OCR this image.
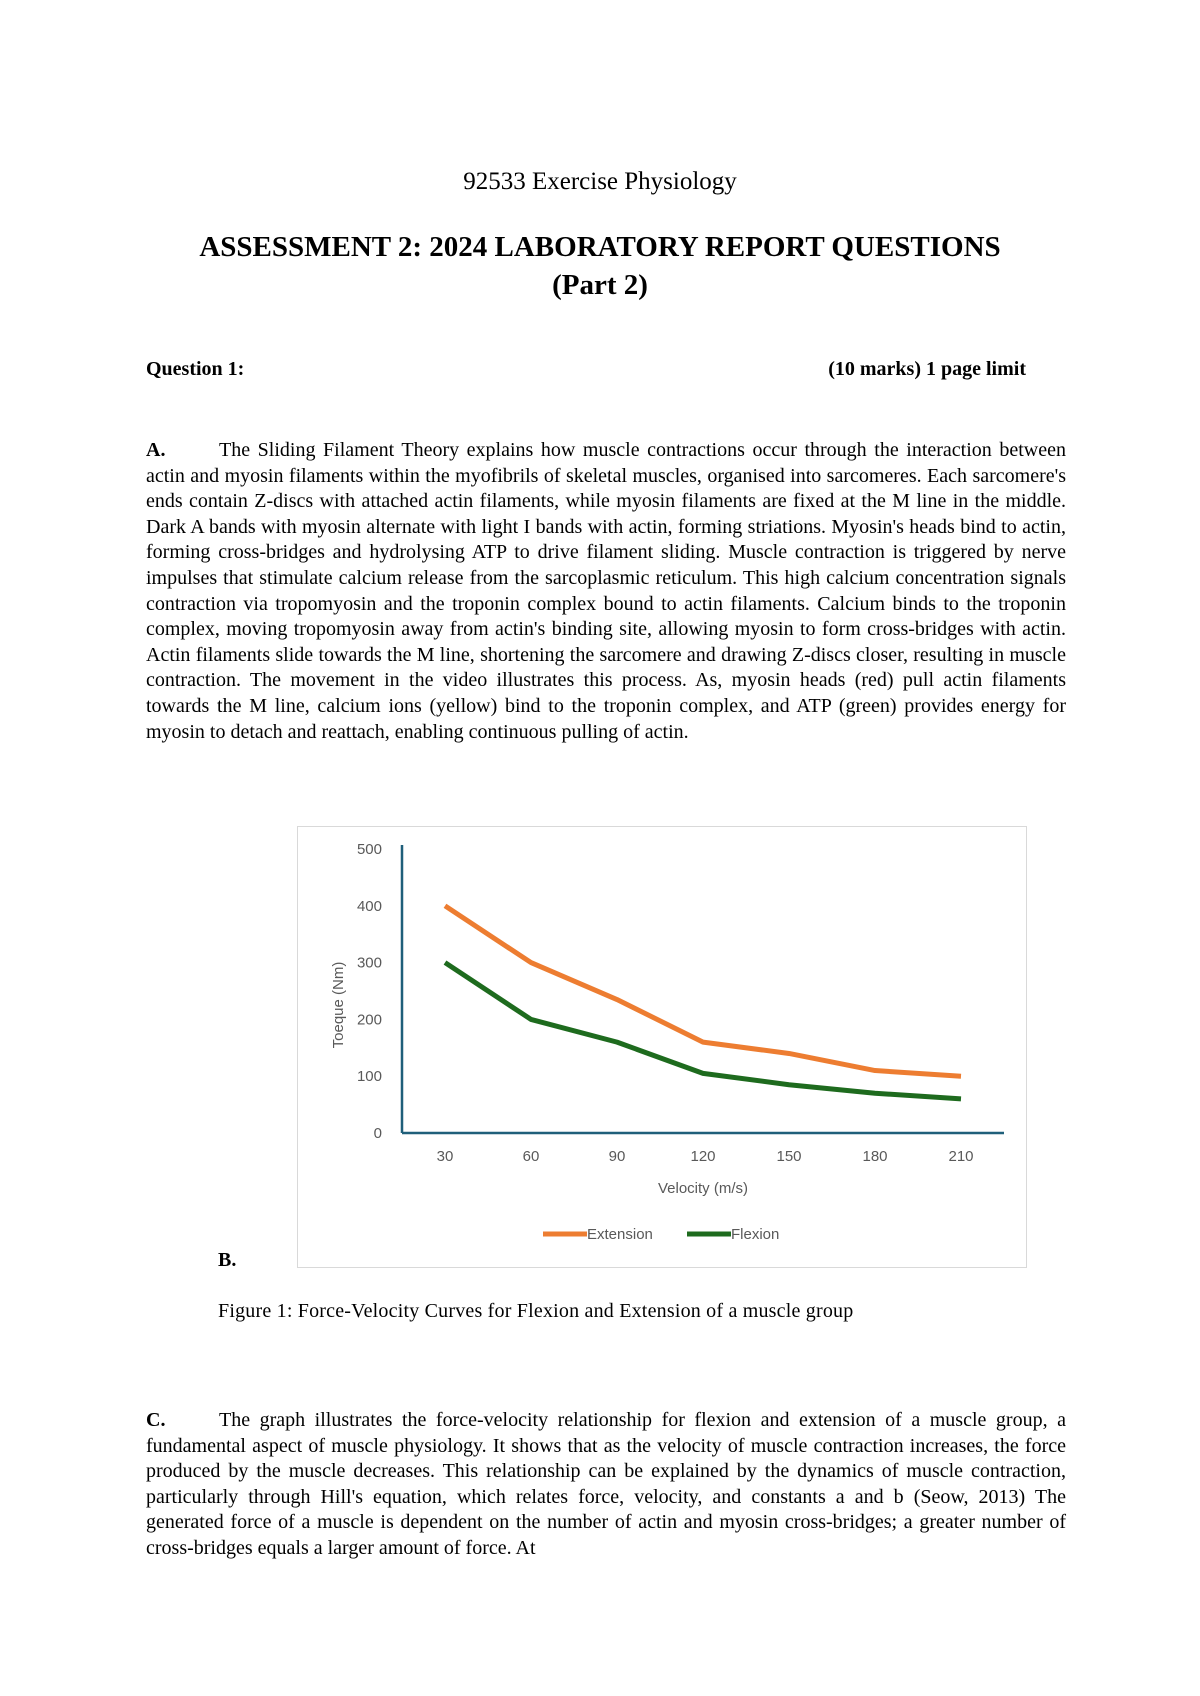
92533 Exercise Physiology
ASSESSMENT 2: 2024 LABORATORY REPORT QUESTIONS
(Part 2)
Question 1:	(10 marks) 1 page limit
A.	The Sliding Filament Theory explains how muscle contractions occur through the interaction between actin and myosin filaments within the myofibrils of skeletal muscles, organised into sarcomeres. Each sarcomere's ends contain Z-discs with attached actin filaments, while myosin filaments are fixed at the M line in the middle. Dark A bands with myosin alternate with light I bands with actin, forming striations. Myosin's heads bind to actin, forming cross-bridges and hydrolysing ATP to drive filament sliding. Muscle contraction is triggered by nerve impulses that stimulate calcium release from the sarcoplasmic reticulum. This high calcium concentration signals contraction via tropomyosin and the troponin complex bound to actin filaments. Calcium binds to the troponin complex, moving tropomyosin away from actin's binding site, allowing myosin to form cross-bridges with actin. Actin filaments slide towards the M line, shortening the sarcomere and drawing Z-discs closer, resulting in muscle contraction. The movement in the video illustrates this process. As, myosin heads (red) pull actin filaments towards the M line, calcium ions (yellow) bind to the troponin complex, and ATP (green) provides energy for myosin to detach and reattach, enabling continuous pulling of actin.
0
100
200
300
400
500
30	60	90	120	150	180	210
Toeque (Nm)
Velocity (m/s)
Extension	Flexion
B.
Figure 1: Force-Velocity Curves for Flexion and Extension of a muscle group
C.	The graph illustrates the force-velocity relationship for flexion and extension of a muscle group, a fundamental aspect of muscle physiology. It shows that as the velocity of muscle contraction increases, the force produced by the muscle decreases. This relationship can be explained by the dynamics of muscle contraction, particularly through Hill's equation, which relates force, velocity, and constants a and b (Seow, 2013) The generated force of a muscle is dependent on the number of actin and myosin cross-bridges; a greater number of cross-bridges equals a larger amount of force. At
